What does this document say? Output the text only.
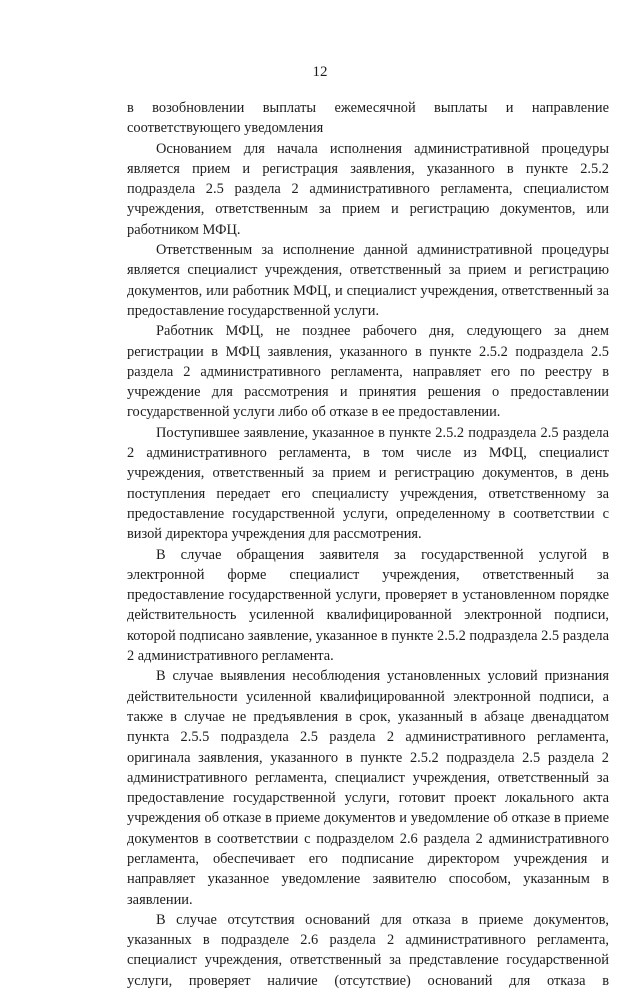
12

в возобновлении выплаты ежемесячной выплаты и направление соответствующего уведомления

Основанием для начала исполнения административной процедуры является прием и регистрация заявления, указанного в пункте 2.5.2 подраздела 2.5 раздела 2 административного регламента, специалистом учреждения, ответственным за прием и регистрацию документов, или работником МФЦ.

Ответственным за исполнение данной административной процедуры является специалист учреждения, ответственный за прием и регистрацию документов, или работник МФЦ, и специалист учреждения, ответственный за предоставление государственной услуги.

Работник МФЦ, не позднее рабочего дня, следующего за днем регистрации в МФЦ заявления, указанного в пункте 2.5.2 подраздела 2.5 раздела 2 административного регламента, направляет его по реестру в учреждение для рассмотрения и принятия решения о предоставлении государственной услуги либо об отказе в ее предоставлении.

Поступившее заявление, указанное в пункте 2.5.2 подраздела 2.5 раздела 2 административного регламента, в том числе из МФЦ, специалист учреждения, ответственный за прием и регистрацию документов, в день поступления передает его специалисту учреждения, ответственному за предоставление государственной услуги, определенному в соответствии с визой директора учреждения для рассмотрения.

В случае обращения заявителя за государственной услугой в электронной форме специалист учреждения, ответственный за предоставление государственной услуги, проверяет в установленном порядке действительность усиленной квалифицированной электронной подписи, которой подписано заявление, указанное в пункте 2.5.2 подраздела 2.5 раздела 2 административного регламента.

В случае выявления несоблюдения установленных условий признания действительности усиленной квалифицированной электронной подписи, а также в случае не предъявления в срок, указанный в абзаце двенадцатом пункта 2.5.5 подраздела 2.5 раздела 2 административного регламента, оригинала заявления, указанного в пункте 2.5.2 подраздела 2.5 раздела 2 административного регламента, специалист учреждения, ответственный за предоставление государственной услуги, готовит проект локального акта учреждения об отказе в приеме документов и уведомление об отказе в приеме документов в соответствии с подразделом 2.6 раздела 2 административного регламента, обеспечивает его подписание директором учреждения и направляет указанное уведомление заявителю способом, указанным в заявлении.

В случае отсутствия оснований для отказа в приеме документов, указанных в подразделе 2.6 раздела 2 административного регламента, специалист учреждения, ответственный за представление государственной услуги, проверяет наличие (отсутствие) оснований для отказа в
